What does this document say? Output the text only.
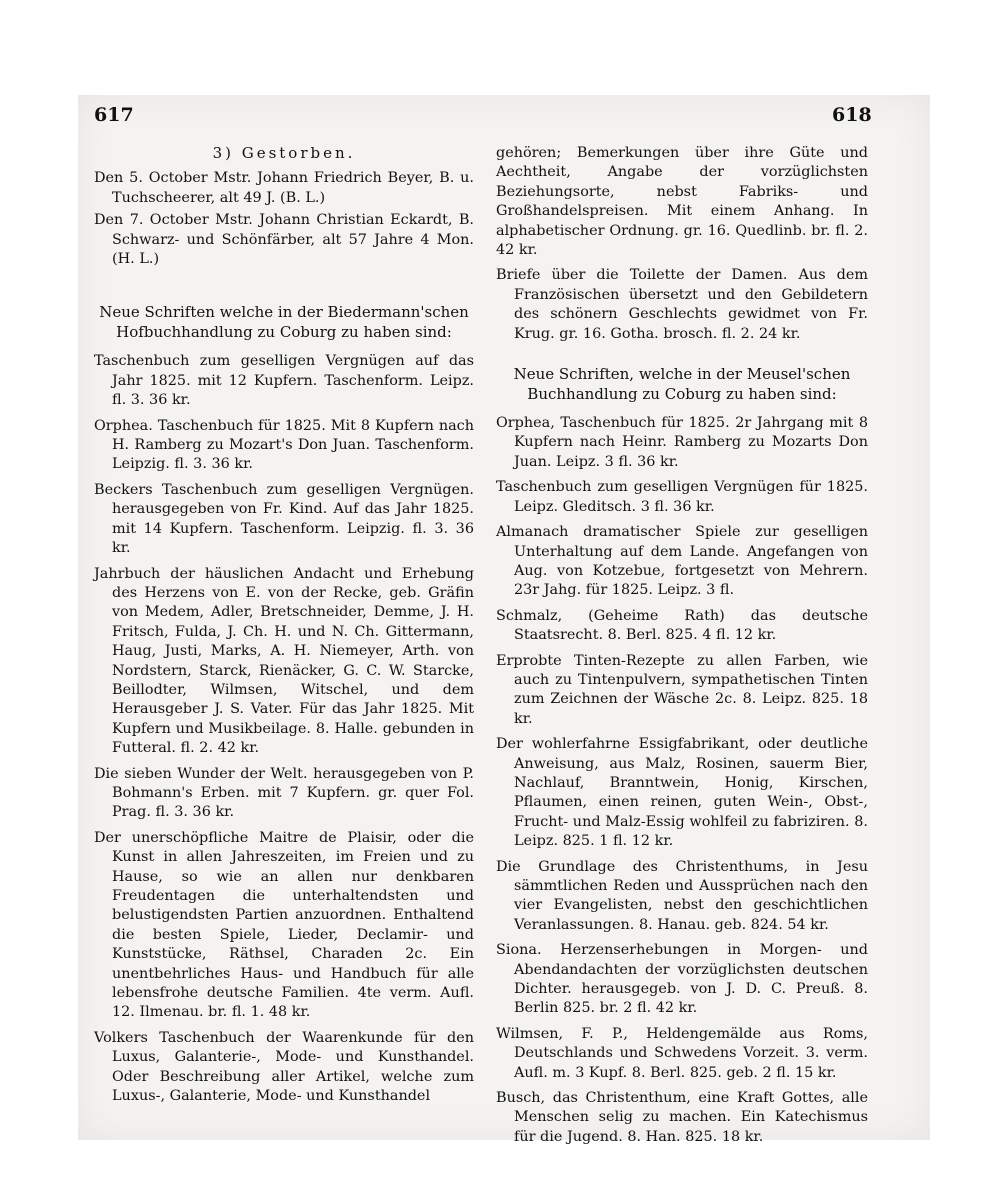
617	618
3) Gestorben.
Den 5. October Mstr. Johann Friedrich Beyer, B. u. Tuchscheerer, alt 49 J. (B. L.)
Den 7. October Mstr. Johann Christian Eckardt, B. Schwarz- und Schönfärber, alt 57 Jahre 4 Mon. (H. L.)
Neue Schriften welche in der Biedermann'schen Hofbuchhandlung zu Coburg zu haben sind:
Taschenbuch zum geselligen Vergnügen auf das Jahr 1825. mit 12 Kupfern. Taschenform. Leipz. fl. 3. 36 kr.
Orphea. Taschenbuch für 1825. Mit 8 Kupfern nach H. Ramberg zu Mozart's Don Juan. Taschenform. Leipzig. fl. 3. 36 kr.
Beckers Taschenbuch zum geselligen Vergnügen. herausgegeben von Fr. Kind. Auf das Jahr 1825. mit 14 Kupfern. Taschenform. Leipzig. fl. 3. 36 kr.
Jahrbuch der häuslichen Andacht und Erhebung des Herzens von E. von der Recke, geb. Gräfin von Medem, Adler, Bretschneider, Demme, J. H. Fritsch, Fulda, J. Ch. H. und N. Ch. Gittermann, Haug, Justi, Marks, A. H. Niemeyer, Arth. von Nordstern, Starck, Rienäcker, G. C. W. Starcke, Beillodter, Wilmsen, Witschel, und dem Herausgeber J. S. Vater. Für das Jahr 1825. Mit Kupfern und Musikbeilage. 8. Halle. gebunden in Futteral. fl. 2. 42 kr.
Die sieben Wunder der Welt. herausgegeben von P. Bohmann's Erben. mit 7 Kupfern. gr. quer Fol. Prag. fl. 3. 36 kr.
Der unerschöpfliche Maitre de Plaisir, oder die Kunst in allen Jahreszeiten, im Freien und zu Hause, so wie an allen nur denkbaren Freudentagen die unterhaltendsten und belustigendsten Partien anzuordnen. Enthaltend die besten Spiele, Lieder, Declamir- und Kunststücke, Räthsel, Charaden 2c. Ein unentbehrliches Haus- und Handbuch für alle lebensfrohe deutsche Familien. 4te verm. Aufl. 12. Ilmenau. br. fl. 1. 48 kr.
Volkers Taschenbuch der Waarenkunde für den Luxus, Galanterie-, Mode- und Kunsthandel. Oder Beschreibung aller Artikel, welche zum Luxus-, Galanterie, Mode- und Kunsthandel
gehören; Bemerkungen über ihre Güte und Aechtheit, Angabe der vorzüglichsten Beziehungsorte, nebst Fabriks- und Großhandelspreisen. Mit einem Anhang. In alphabetischer Ordnung. gr. 16. Quedlinb. br. fl. 2. 42 kr.
Briefe über die Toilette der Damen. Aus dem Französischen übersetzt und den Gebildetern des schönern Geschlechts gewidmet von Fr. Krug. gr. 16. Gotha. brosch. fl. 2. 24 kr.
Neue Schriften, welche in der Meusel'schen Buchhandlung zu Coburg zu haben sind:
Orphea, Taschenbuch für 1825. 2r Jahrgang mit 8 Kupfern nach Heinr. Ramberg zu Mozarts Don Juan. Leipz. 3 fl. 36 kr.
Taschenbuch zum geselligen Vergnügen für 1825. Leipz. Gleditsch. 3 fl. 36 kr.
Almanach dramatischer Spiele zur geselligen Unterhaltung auf dem Lande. Angefangen von Aug. von Kotzebue, fortgesetzt von Mehrern. 23r Jahg. für 1825. Leipz. 3 fl.
Schmalz, (Geheime Rath) das deutsche Staatsrecht. 8. Berl. 825. 4 fl. 12 kr.
Erprobte Tinten-Rezepte zu allen Farben, wie auch zu Tintenpulvern, sympathetischen Tinten zum Zeichnen der Wäsche 2c. 8. Leipz. 825. 18 kr.
Der wohlerfahrne Essigfabrikant, oder deutliche Anweisung, aus Malz, Rosinen, sauerm Bier, Nachlauf, Branntwein, Honig, Kirschen, Pflaumen, einen reinen, guten Wein-, Obst-, Frucht- und Malz-Essig wohlfeil zu fabriziren. 8. Leipz. 825. 1 fl. 12 kr.
Die Grundlage des Christenthums, in Jesu sämmtlichen Reden und Aussprüchen nach den vier Evangelisten, nebst den geschichtlichen Veranlassungen. 8. Hanau. geb. 824. 54 kr.
Siona. Herzenserhebungen in Morgen- und Abendandachten der vorzüglichsten deutschen Dichter. herausgegeb. von J. D. C. Preuß. 8. Berlin 825. br. 2 fl. 42 kr.
Wilmsen, F. P., Heldengemälde aus Roms, Deutschlands und Schwedens Vorzeit. 3. verm. Aufl. m. 3 Kupf. 8. Berl. 825. geb. 2 fl. 15 kr.
Busch, das Christenthum, eine Kraft Gottes, alle Menschen selig zu machen. Ein Katechismus für die Jugend. 8. Han. 825. 18 kr.
